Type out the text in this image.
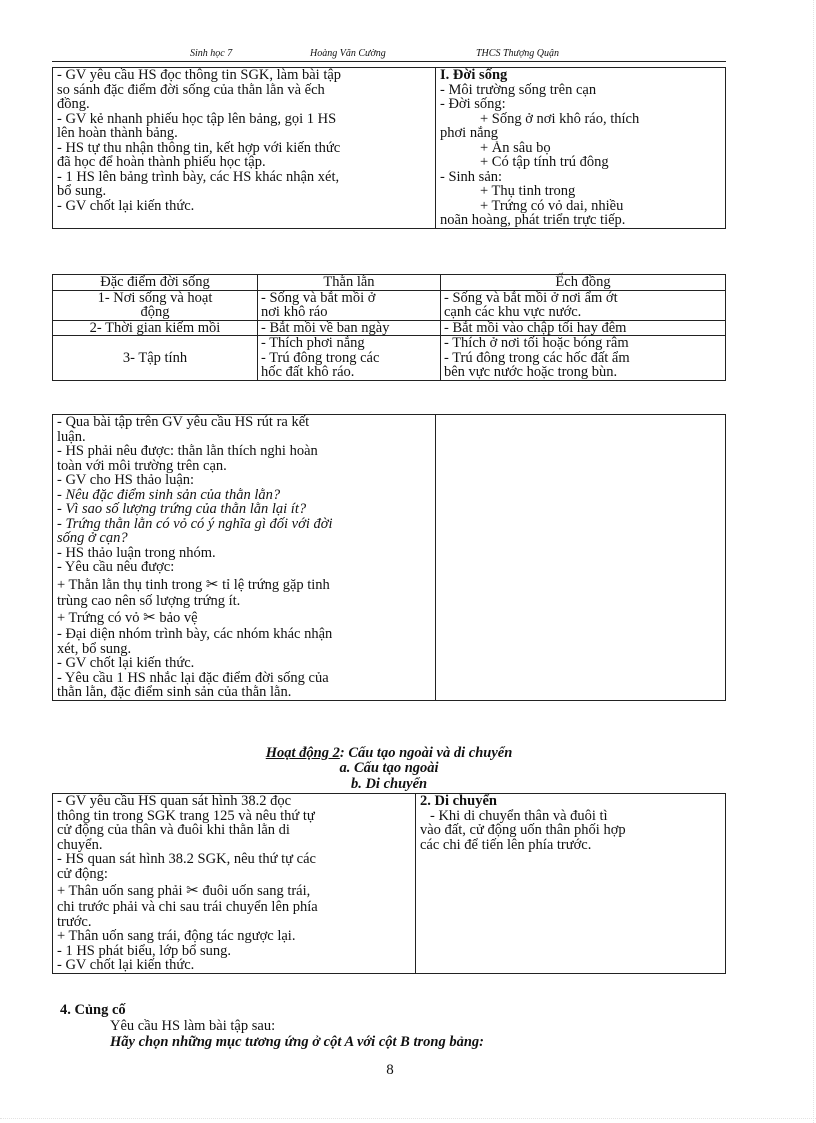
Sinh học 7	Hoàng Văn Cường	THCS Thượng Quận
- GV yêu cầu HS đọc thông tin SGK, làm bài tập
so sánh đặc điểm đời sống của thằn lằn và ếch
đồng.
- GV kẻ nhanh phiếu học tập lên bảng, gọi 1 HS
lên hoàn thành bảng.
- HS tự thu nhận thông tin, kết hợp với kiến thức
đã học để hoàn thành phiếu học tập.
- 1 HS lên bảng trình bày, các HS khác nhận xét,
bổ sung.
- GV chốt lại kiến thức.

I. Đời sống
- Môi trường sống trên cạn
- Đời sống:
+ Sống ở nơi khô ráo, thích
phơi nắng
+ Ăn sâu bọ
+ Có tập tính trú đông
- Sinh sản:
+ Thụ tinh trong
+ Trứng có vỏ dai, nhiều
noãn hoàng, phát triển trực tiếp.
Đặc điểm đời sống	Thằn lằn	Ếch đồng

1- Nơi sống và hoạt
động	- Sống và bắt mồi ở
nơi khô ráo	- Sống và bắt mồi ở nơi ẩm ớt
cạnh các khu vực nước.

2- Thời gian kiếm mồi	- Bắt mồi về ban ngày	- Bắt mồi vào chập tối hay đêm

3- Tập tính	- Thích phơi nắng
- Trú đông trong các
hốc đất khô ráo.	- Thích ở nơi tối hoặc bóng râm
- Trú đông trong các hốc đất ẩm
bên vực nước hoặc trong bùn.
- Qua bài tập trên GV yêu cầu HS rút ra kết
luận.
- HS phải nêu được: thằn lằn thích nghi hoàn
toàn với môi trường trên cạn.
- GV cho HS thảo luận:
- Nêu đặc điểm sinh sản của thằn lằn?
- Vì sao số lượng trứng của thằn lằn lại ít?
- Trứng thằn lằn có vỏ có ý nghĩa gì đối với đời
sống ở cạn?
- HS thảo luận trong nhóm.
- Yêu cầu nêu được:
+ Thằn lằn thụ tinh trong ✂ tỉ lệ trứng gặp tinh
trùng cao nên số lượng trứng ít.
+ Trứng có vỏ ✂ bảo vệ
- Đại diện nhóm trình bày, các nhóm khác nhận
xét, bổ sung.
- GV chốt lại kiến thức.
- Yêu cầu 1 HS nhắc lại đặc điểm đời sống của
thằn lằn, đặc điểm sinh sản của thằn lằn.

Hoạt động 2: Cấu tạo ngoài và di chuyển
a. Cấu tạo ngoài
b. Di chuyển
- GV yêu cầu HS quan sát hình 38.2 đọc
thông tin trong SGK trang 125 và nêu thứ tự
cử động của thân và đuôi khi thằn lằn di
chuyển.
- HS quan sát hình 38.2 SGK, nêu thứ tự các
cử động:
+ Thân uốn sang phải ✂ đuôi uốn sang trái,
chi trước phải và chi sau trái chuyển lên phía
trước.
+ Thân uốn sang trái, động tác ngược lại.
- 1 HS phát biểu, lớp bổ sung.
- GV chốt lại kiến thức.

2. Di chuyển
- Khi di chuyển thân và đuôi tì
vào đất, cử động uốn thân phối hợp
các chi để tiến lên phía trước.
4. Củng cố
Yêu cầu HS làm bài tập sau:
Hãy chọn những mục tương ứng ở cột A với cột B trong bảng:
8
